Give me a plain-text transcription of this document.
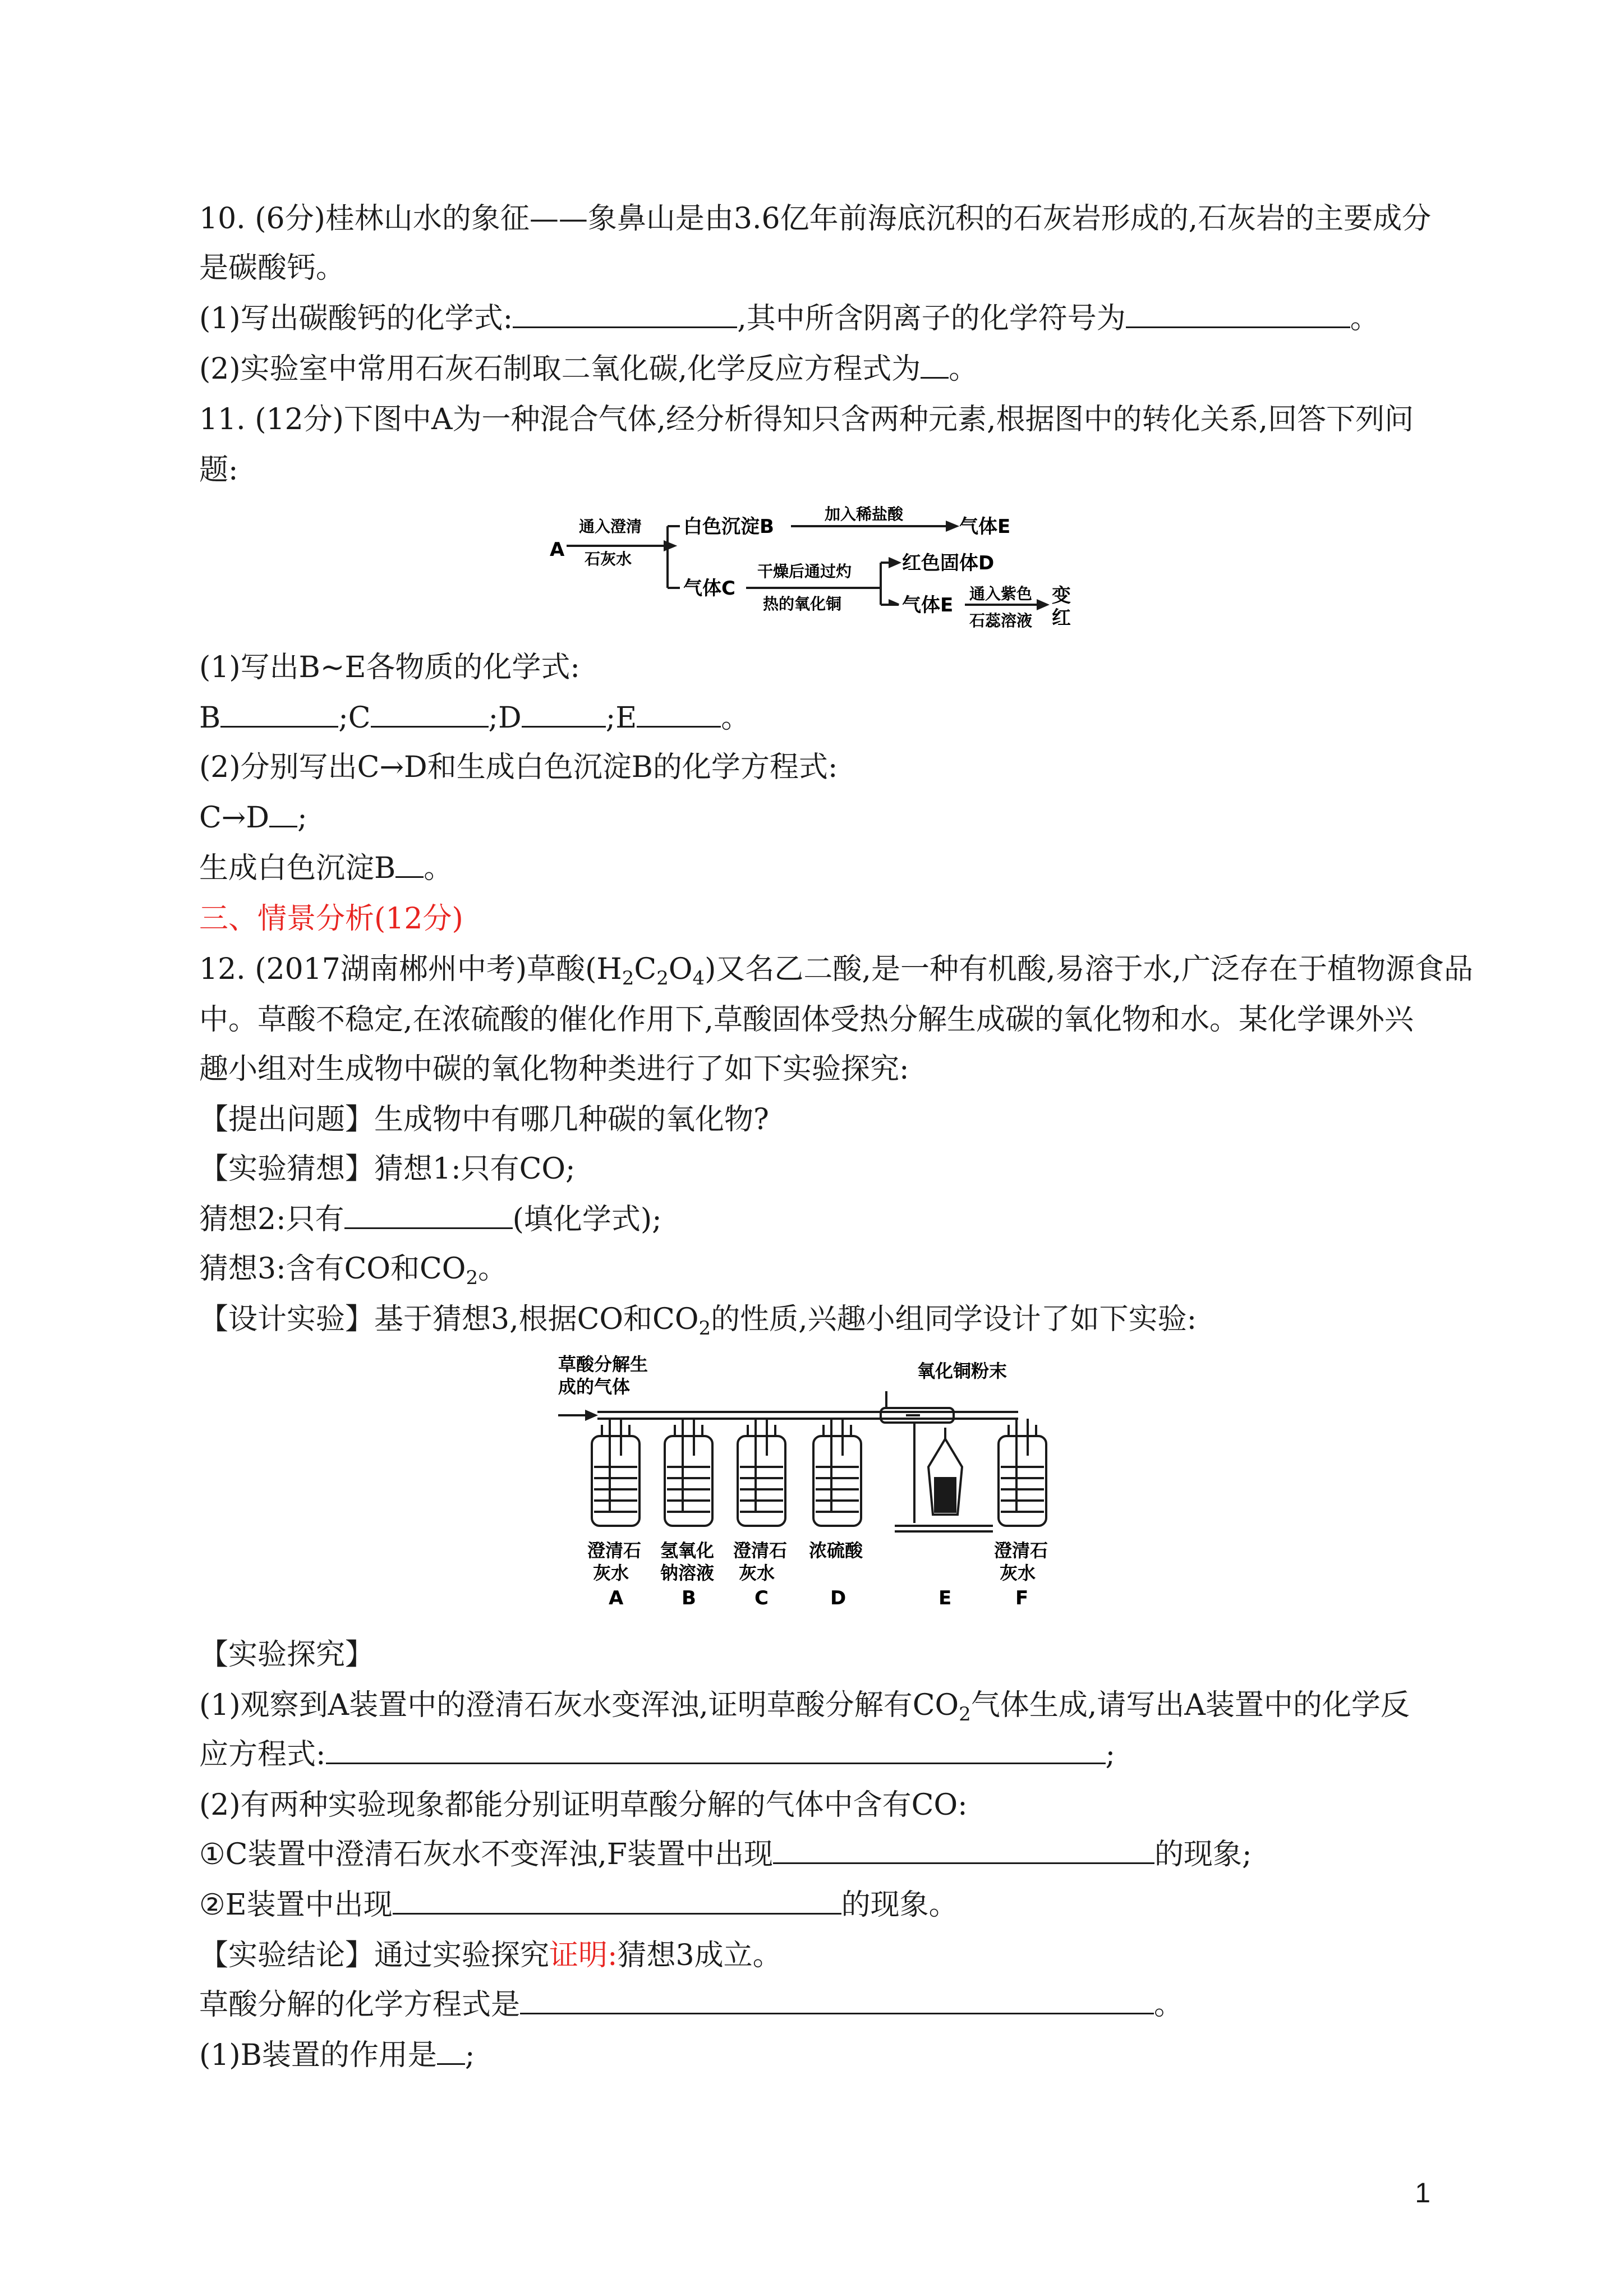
10. (6分)桂林山水的象征——象鼻山是由3.6亿年前海底沉积的石灰岩形成的,石灰岩的主要成分
是碳酸钙。
(1)写出碳酸钙的化学式:	,其中所含阴离子的化学符号为	。
(2)实验室中常用石灰石制取二氧化碳,化学反应方程式为 。
11. (12分)下图中A为一种混合气体,经分析得知只含两种元素,根据图中的转化关系,回答下列问
题:
A
通入澄清
石灰水
白色沉淀B
加入稀盐酸
气体E
气体C
干燥后通过灼
热的氧化铜
红色固体D
气体E
通入紫色
石蕊溶液
变
红
(1)写出B~E各物质的化学式:
B	;C	;D	;E	。
(2)分别写出C→D和生成白色沉淀B的化学方程式:
C→D ;
生成白色沉淀B 。
三、情景分析(12分)
12. (2017湖南郴州中考)草酸$(H_2C_2O_4)$又名乙二酸,是一种有机酸,易溶于水,广泛存在于植物源食品
中。草酸不稳定,在浓硫酸的催化作用下,草酸固体受热分解生成碳的氧化物和水。某化学课外兴
趣小组对生成物中碳的氧化物种类进行了如下实验探究:
【提出问题】生成物中有哪几种碳的氧化物?
【实验猜想】猜想1:只有CO;
猜想2:只有	(填化学式);
猜想3:含有CO和$CO_2$。
【设计实验】基于猜想3,根据CO和$CO_2$的性质,兴趣小组同学设计了如下实验:
草酸分解生
成的气体
氧化铜粉末
澄清石
灰水
氢氧化
钠溶液
澄清石
灰水
浓硫酸	澄清石
灰水
A	B	C	D	E	F
【实验探究】
(1)观察到A装置中的澄清石灰水变浑浊,证明草酸分解有$CO_2$气体生成,请写出A装置中的化学反
应方程式:	;
(2)有两种实验现象都能分别证明草酸分解的气体中含有CO:
①C装置中澄清石灰水不变浑浊,F装置中出现	的现象;
②E装置中出现	的现象。
【实验结论】通过实验探究证明:猜想3成立。
草酸分解的化学方程式是	。
(1)B装置的作用是 ;
1
